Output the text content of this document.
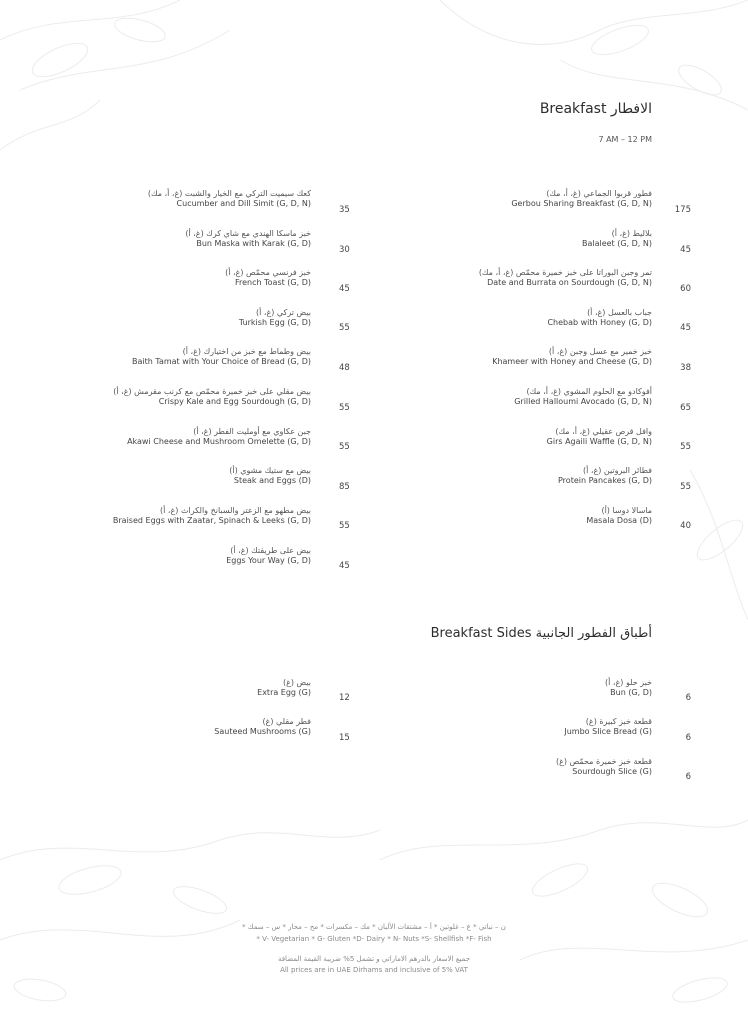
Breakfast الافطار
7 AM – 12 PM
فطور قربوا الجماعي (غ، أ، مك)
Gerbou Sharing Breakfast (G, D, N)
175
بلاليط (غ، أ)
Balaleet (G, D, N)
45
تمر وجبن البوراتا على خبز خميرة محمّص (غ، أ، مك)
Date and Burrata on Sourdough (G, D, N)
60
جباب بالعسل (غ، أ)
Chebab with Honey (G, D)
45
خبز خمير مع عسل وجبن (غ، أ)
Khameer with Honey and Cheese (G, D)
38
أفوكادو مع الحلوم المشوي (غ، أ، مك)
Grilled Halloumi Avocado (G, D, N)
65
وافل قرص عقيلي (غ، أ، مك)
Girs Agaili Waffle (G, D, N)
55
فطائر البروتين (غ، أ)
Protein Pancakes (G, D)
55
ماسالا دوسا (أ)
Masala Dosa (D)
40
كعك سيميت التركي مع الخيار والشبت (غ، أ، مك)
Cucumber and Dill Simit (G, D, N)
35
خبز ماسكا الهندي مع شاي كرك (غ، أ)
Bun Maska with Karak (G, D)
30
خبز فرنسي محمّص (غ، أ)
French Toast (G, D)
45
بيض تركي (غ، أ)
Turkish Egg (G, D)
55
بيض وطماط مع خبز من اختيارك (غ، أ)
Baith Tamat with Your Choice of Bread (G, D)
48
بيض مقلي على خبز خميرة محمّص مع كرنب مقرمش (غ، أ)
Crispy Kale and Egg Sourdough (G, D)
55
جبن عكاوي مع أومليت الفطر (غ، أ)
Akawi Cheese and Mushroom Omelette (G, D)
55
بيض مع ستيك مشوي (أ)
Steak and Eggs (D)
85
بيض مطهو مع الزعتر والسبانخ والكراث (غ، أ)
Braised Eggs with Zaatar, Spinach & Leeks (G, D)
55
بيض على طريقتك (غ، أ)
Eggs Your Way (G, D)
45
Breakfast Sides أطباق الفطور الجانبية
خبز حلو (غ، أ)
Bun (G, D)
6
قطعة خبز كبيرة (غ)
Jumbo Slice Bread (G)
6
قطعة خبز خميرة محمّص (غ)
Sourdough Slice (G)
6
بيض (غ)
Extra Egg (G)
12
فطر مقلي (غ)
Sauteed Mushrooms (G)
15
* ن – نباتي * غ – غلوتين * أ – مشتقات الألبان * مك – مكسرات * مح – محار * س – سمك
* V- Vegetarian * G- Gluten *D- Dairy * N- Nuts *S- Shellfish *F- Fish
جميع الاسعار بالدرهم الاماراتي و تشمل 5% ضريبة القيمة المضافة
All prices are in UAE Dirhams and inclusive of 5% VAT
